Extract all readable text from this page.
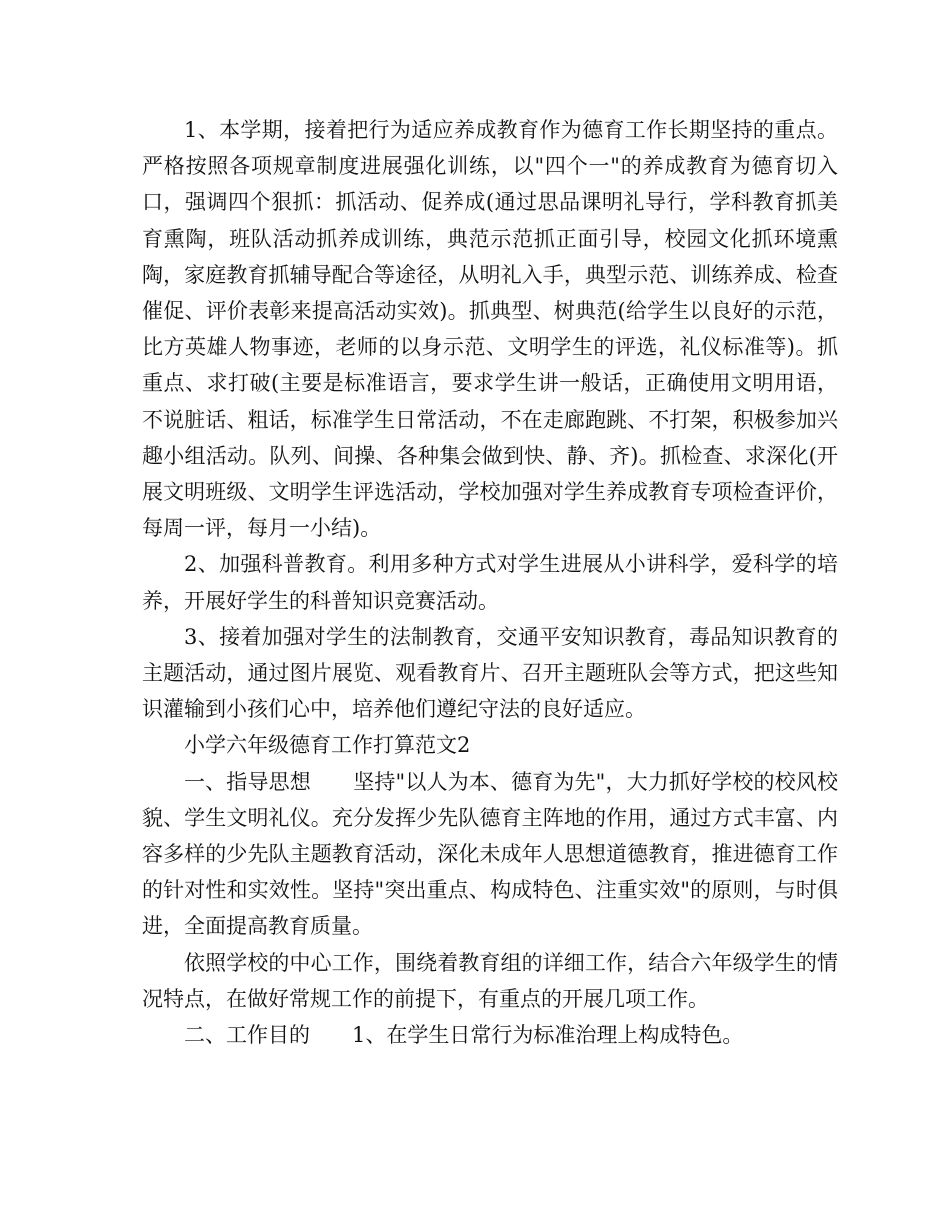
1、本学期，接着把行为适应养成教育作为德育工作长期坚持的重点。严格按照各项规章制度进展强化训练，以"四个一"的养成教育为德育切入口，强调四个狠抓：抓活动、促养成(通过思品课明礼导行，学科教育抓美育熏陶，班队活动抓养成训练，典范示范抓正面引导，校园文化抓环境熏陶，家庭教育抓辅导配合等途径，从明礼入手，典型示范、训练养成、检查催促、评价表彰来提高活动实效)。抓典型、树典范(给学生以良好的示范，比方英雄人物事迹，老师的以身示范、文明学生的评选，礼仪标准等)。抓重点、求打破(主要是标准语言，要求学生讲一般话，正确使用文明用语，不说脏话、粗话，标准学生日常活动，不在走廊跑跳、不打架，积极参加兴趣小组活动。队列、间操、各种集会做到快、静、齐)。抓检查、求深化(开展文明班级、文明学生评选活动，学校加强对学生养成教育专项检查评价，每周一评，每月一小结)。

2、加强科普教育。利用多种方式对学生进展从小讲科学，爱科学的培养，开展好学生的科普知识竞赛活动。

3、接着加强对学生的法制教育，交通平安知识教育，毒品知识教育的主题活动，通过图片展览、观看教育片、召开主题班队会等方式，把这些知识灌输到小孩们心中，培养他们遵纪守法的良好适应。

小学六年级德育工作打算范文2

一、指导思想　　坚持"以人为本、德育为先"，大力抓好学校的校风校貌、学生文明礼仪。充分发挥少先队德育主阵地的作用，通过方式丰富、内容多样的少先队主题教育活动，深化未成年人思想道德教育，推进德育工作的针对性和实效性。坚持"突出重点、构成特色、注重实效"的原则，与时俱进，全面提高教育质量。

依照学校的中心工作，围绕着教育组的详细工作，结合六年级学生的情况特点，在做好常规工作的前提下，有重点的开展几项工作。

二、工作目的　　1、在学生日常行为标准治理上构成特色。
